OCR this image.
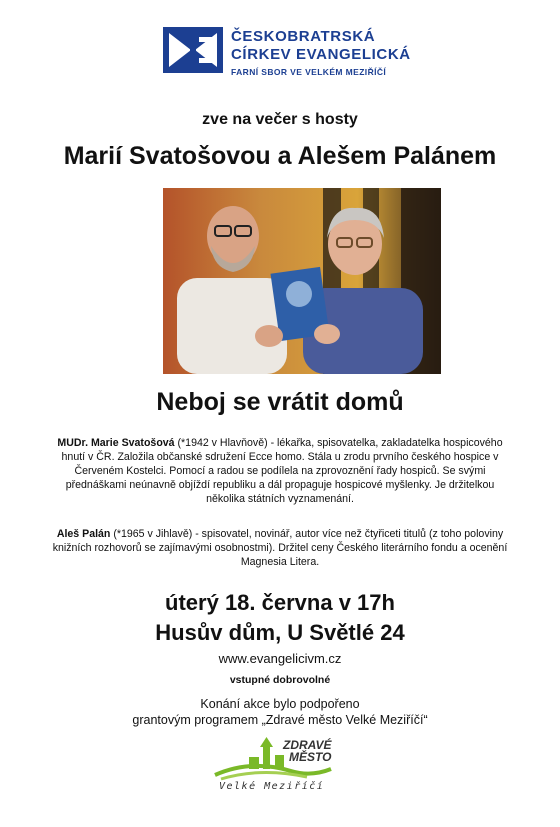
ČESKOBRATRSKÁ
CÍRKEV EVANGELICKÁ
FARNÍ SBOR VE VELKÉM MEZIŘÍČÍ
zve na večer s hosty
Marií Svatošovou a Alešem Palánem
Neboj se vrátit domů
MUDr. Marie Svatošová (*1942 v Hlavňově) - lékařka, spisovatelka, zakladatelka hospicového hnutí v ČR. Založila občanské sdružení Ecce homo. Stála u zrodu prvního českého hospice v Červeném Kostelci. Pomocí a radou se podílela na zprovoznění řady hospiců. Se svými přednáškami neúnavně objíždí republiku a dál propaguje hospicové myšlenky. Je držitelkou několika státních vyznamenání.
Aleš Palán (*1965 v Jihlavě) - spisovatel, novinář, autor více než čtyřiceti titulů (z toho poloviny knižních rozhovorů se zajímavými osobnostmi). Držitel ceny Českého literárního fondu a ocenění Magnesia Litera.
úterý 18. června v 17h
Husův dům, U Světlé 24
www.evangelicivm.cz
vstupné dobrovolné
Konání akce bylo podpořeno
grantovým programem „Zdravé město Velké Meziříčí“
ZDRAVÉ
MĚSTO
Velké Meziříčí
